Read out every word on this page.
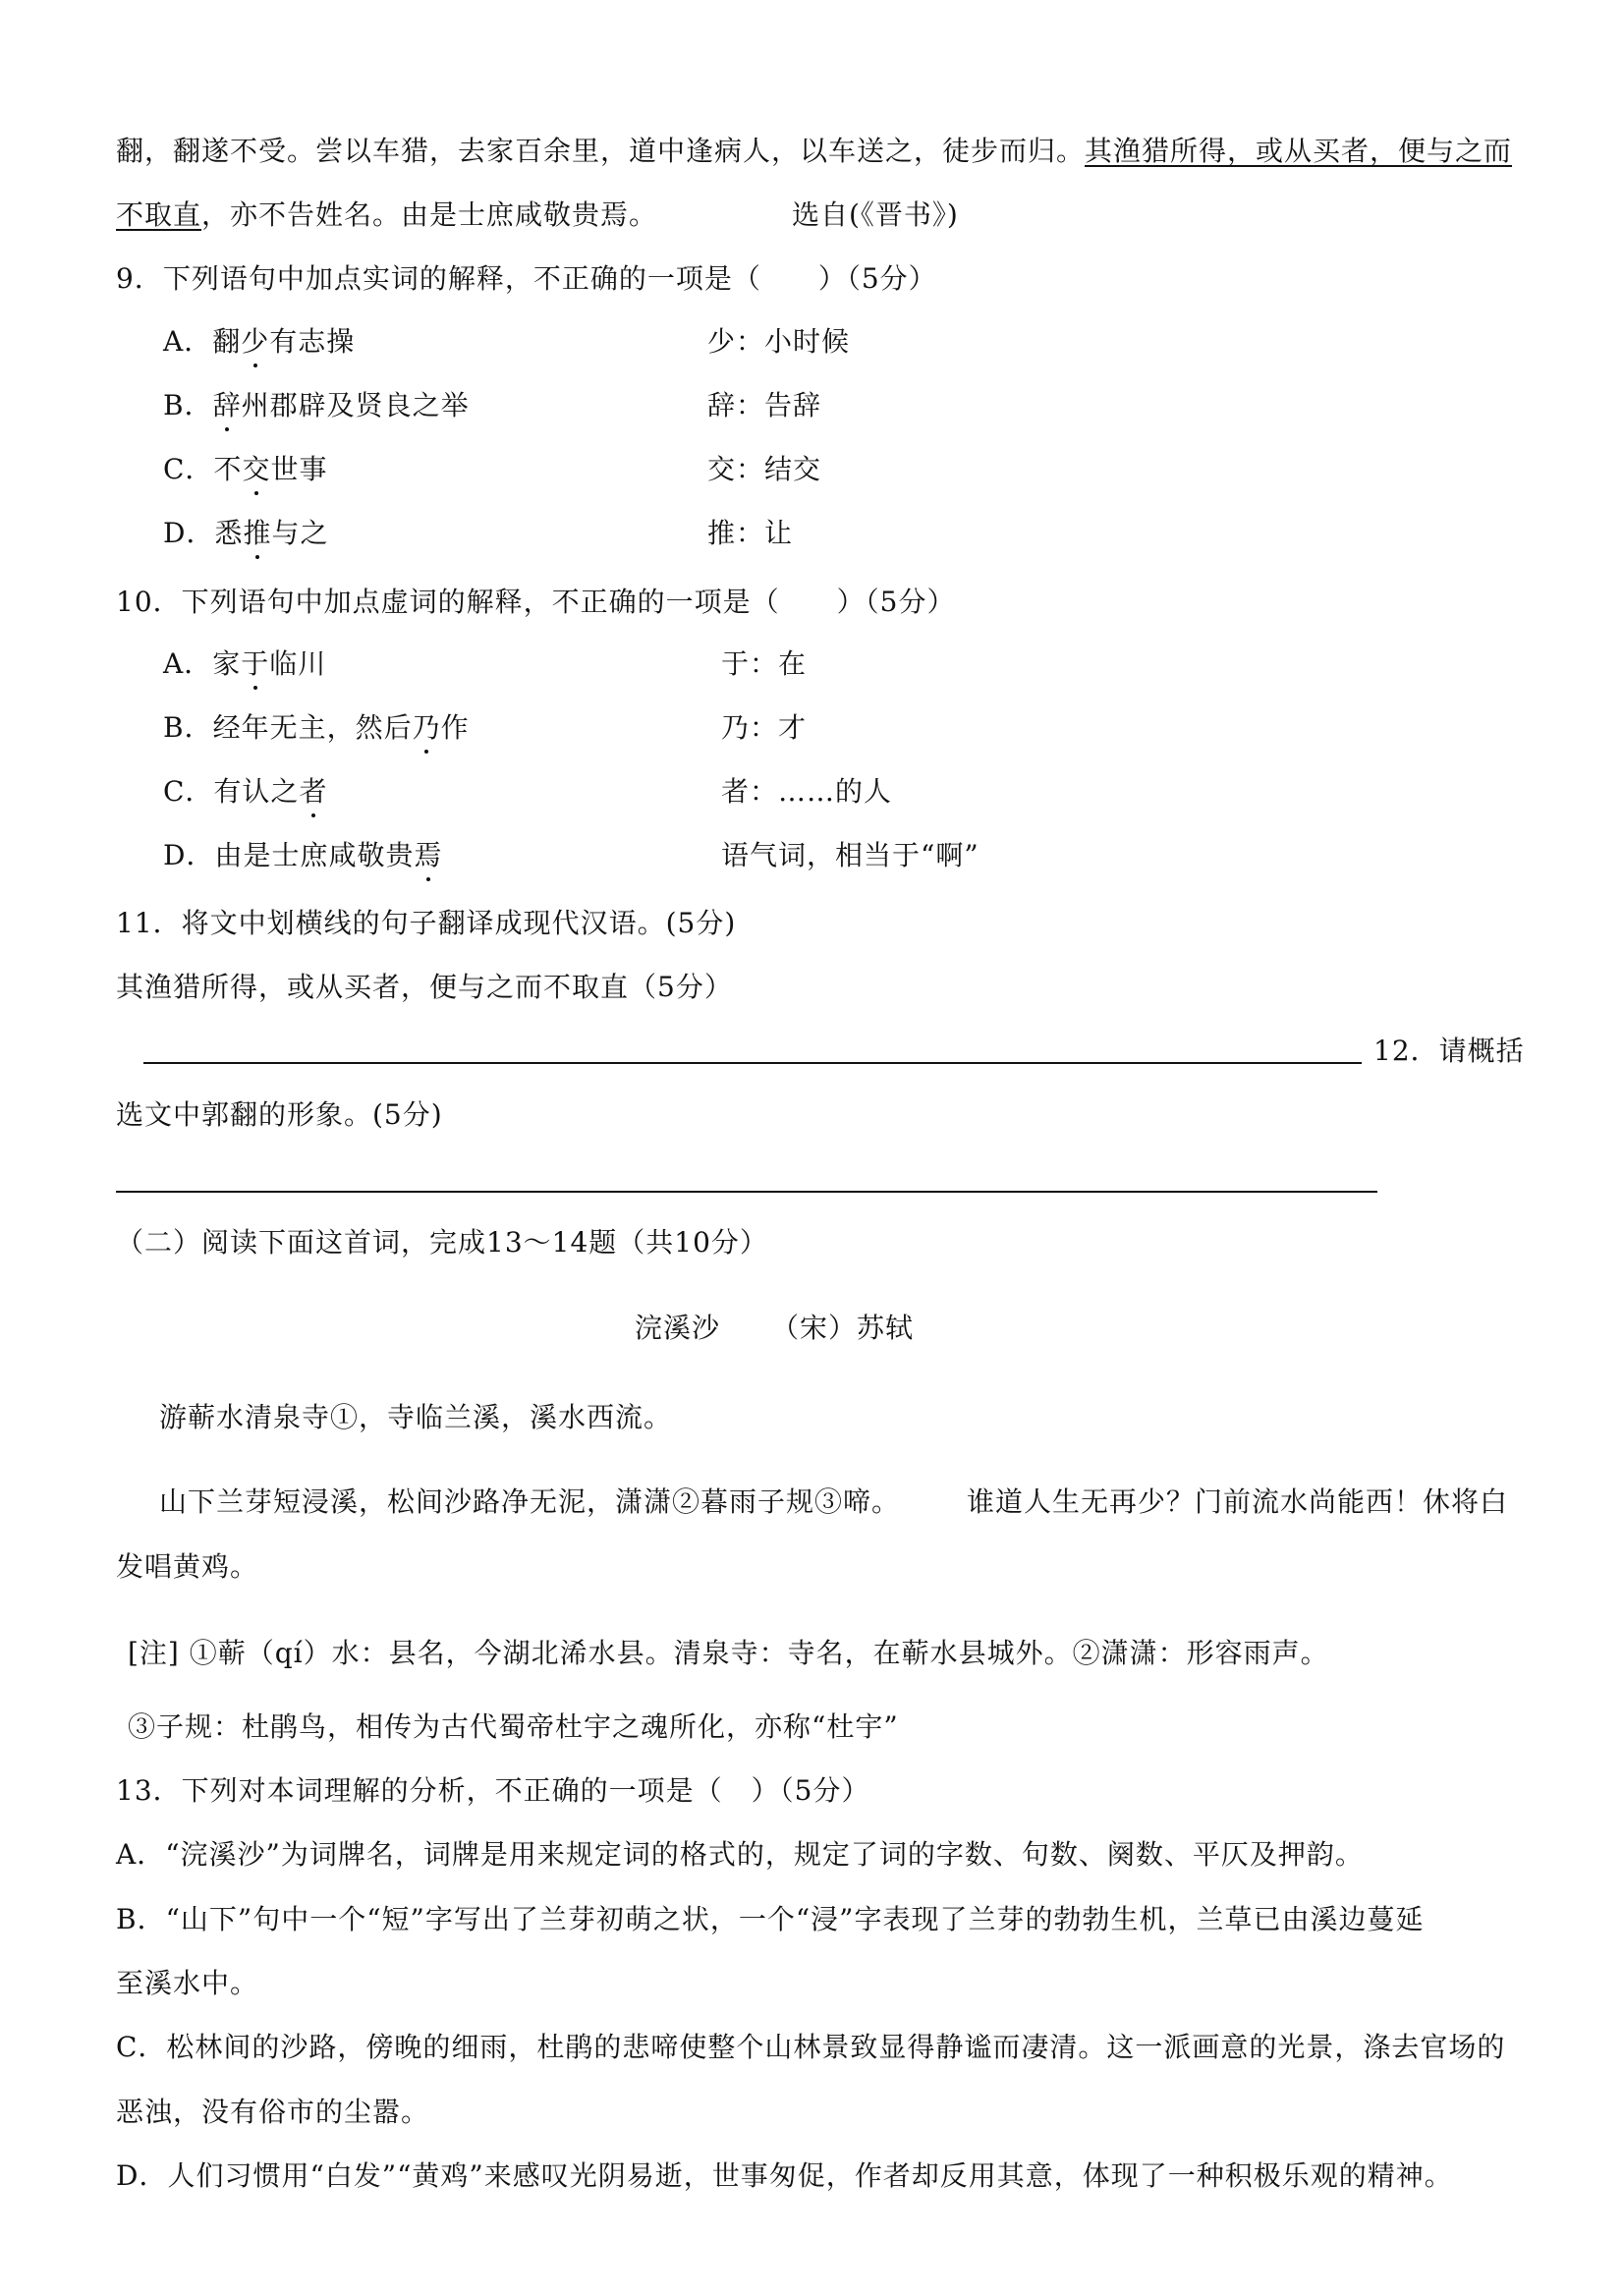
翻，翻遂不受。尝以车猎，去家百余里，道中逢病人，以车送之，徒步而归。其渔猎所得，或从买者，便与之而
不取直，亦不告姓名。由是士庶咸敬贵焉。	选自(《晋书》)
9．下列语句中加点实词的解释，不正确的一项是（　　）（5分）
A．翻少有志操	少：小时候
B．辞州郡辟及贤良之举	辞：告辞
C．不交世事	交：结交
D．悉推与之	推：让
10．下列语句中加点虚词的解释，不正确的一项是（　　）（5分）
A．家于临川	于：在
B．经年无主，然后乃作	乃：才
C．有认之者	者：……的人
D．由是士庶咸敬贵焉	语气词，相当于“啊”
11．将文中划横线的句子翻译成现代汉语。(5分)
其渔猎所得，或从买者，便与之而不取直（5分）
12．请概括
选文中郭翻的形象。(5分)
（二）阅读下面这首词，完成13～14题（共10分）
浣溪沙 （宋）苏轼
游蕲水清泉寺①，寺临兰溪，溪水西流。
山下兰芽短浸溪，松间沙路净无泥，潇潇②暮雨子规③啼。 谁道人生无再少？门前流水尚能西！休将白
发唱黄鸡。
[注] ①蕲（qí）水：县名，今湖北浠水县。清泉寺：寺名，在蕲水县城外。②潇潇：形容雨声。
③子规：杜鹃鸟，相传为古代蜀帝杜宇之魂所化，亦称“杜宇”
13．下列对本词理解的分析，不正确的一项是（　）（5分）
A．“浣溪沙”为词牌名，词牌是用来规定词的格式的，规定了词的字数、句数、阕数、平仄及押韵。
B．“山下”句中一个“短”字写出了兰芽初萌之状，一个“浸”字表现了兰芽的勃勃生机，兰草已由溪边蔓延
至溪水中。
C．松林间的沙路，傍晚的细雨，杜鹃的悲啼使整个山林景致显得静谧而凄清。这一派画意的光景，涤去官场的
恶浊，没有俗市的尘嚣。
D．人们习惯用“白发”“黄鸡”来感叹光阴易逝，世事匆促，作者却反用其意，体现了一种积极乐观的精神。
